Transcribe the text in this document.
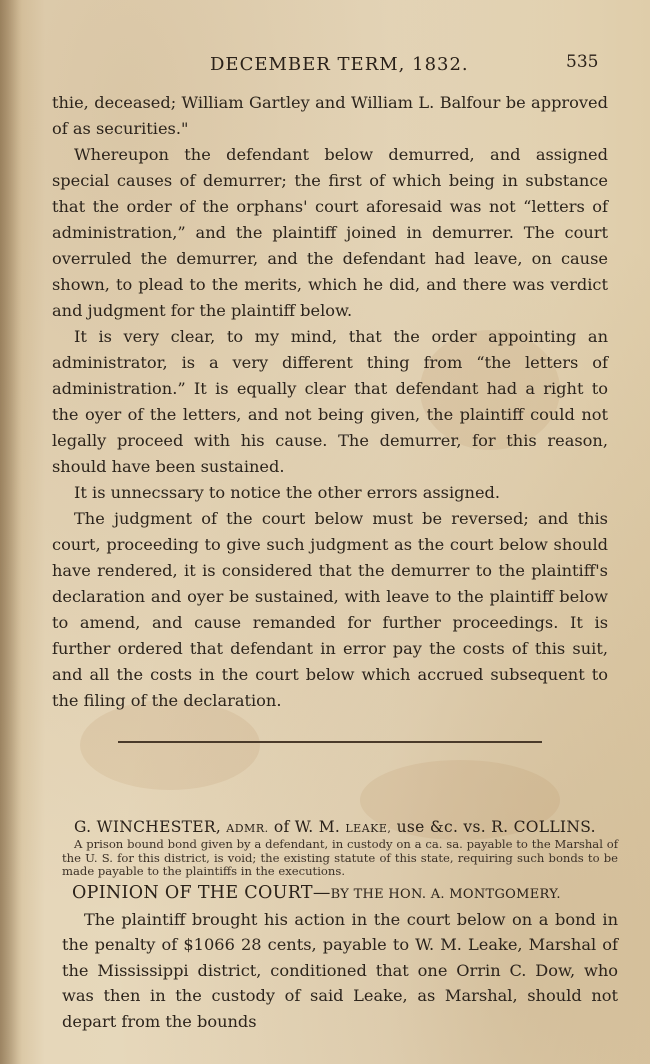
DECEMBER TERM, 1832.	535

thie, deceased; William Gartley and William L. Balfour be approved of as securities."

Whereupon the defendant below demurred, and assigned special causes of demurrer; the first of which being in substance that the order of the orphans' court aforesaid was not “letters of administration,” and the plaintiff joined in demurrer. The court overruled the demurrer, and the defendant had leave, on cause shown, to plead to the merits, which he did, and there was verdict and judgment for the plaintiff below.

It is very clear, to my mind, that the order appointing an administrator, is a very different thing from “the letters of administration.” It is equally clear that defendant had a right to the oyer of the letters, and not being given, the plaintiff could not legally proceed with his cause. The demurrer, for this reason, should have been sustained.

It is unnecssary to notice the other errors assigned.

The judgment of the court below must be reversed; and this court, proceeding to give such judgment as the court below should have rendered, it is considered that the demurrer to the plaintiff's declaration and oyer be sustained, with leave to the plaintiff below to amend, and cause remanded for further proceedings. It is further ordered that defendant in error pay the costs of this suit, and all the costs in the court below which accrued subsequent to the filing of the declaration.

G. WINCHESTER, ADMR. of W. M. LEAKE, use &c. vs. R. COLLINS.

A prison bound bond given by a defendant, in custody on a ca. sa. payable to the Marshal of the U. S. for this district, is void; the existing statute of this state, requiring such bonds to be made payable to the plaintiffs in the executions.

OPINION OF THE COURT—BY THE HON. A. MONTGOMERY.

The plaintiff brought his action in the court below on a bond in the penalty of $1066 28 cents, payable to W. M. Leake, Marshal of the Mississippi district, conditioned that one Orrin C. Dow, who was then in the custody of said Leake, as Marshal, should not depart from the bounds
